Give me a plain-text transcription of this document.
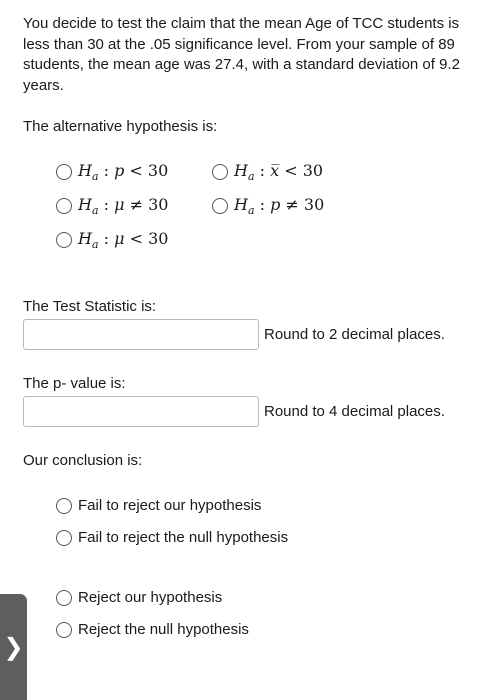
You decide to test the claim that the mean Age of TCC students is less than 30 at the .05 significance level. From your sample of 89 students, the mean age was 27.4, with a standard deviation of 9.2 years.
The alternative hypothesis is:
$H_a$ : p < 30	$H_a$ : x̅ < 30
$H_a$ : μ ≠ 30	$H_a$ : p ≠ 30
$H_a$ : μ < 30
The Test Statistic is:
Round to 2 decimal places.
The p- value is:
Round to 4 decimal places.
Our conclusion is:
Fail to reject our hypothesis
Fail to reject the null hypothesis
Reject our hypothesis
Reject the null hypothesis
❯
